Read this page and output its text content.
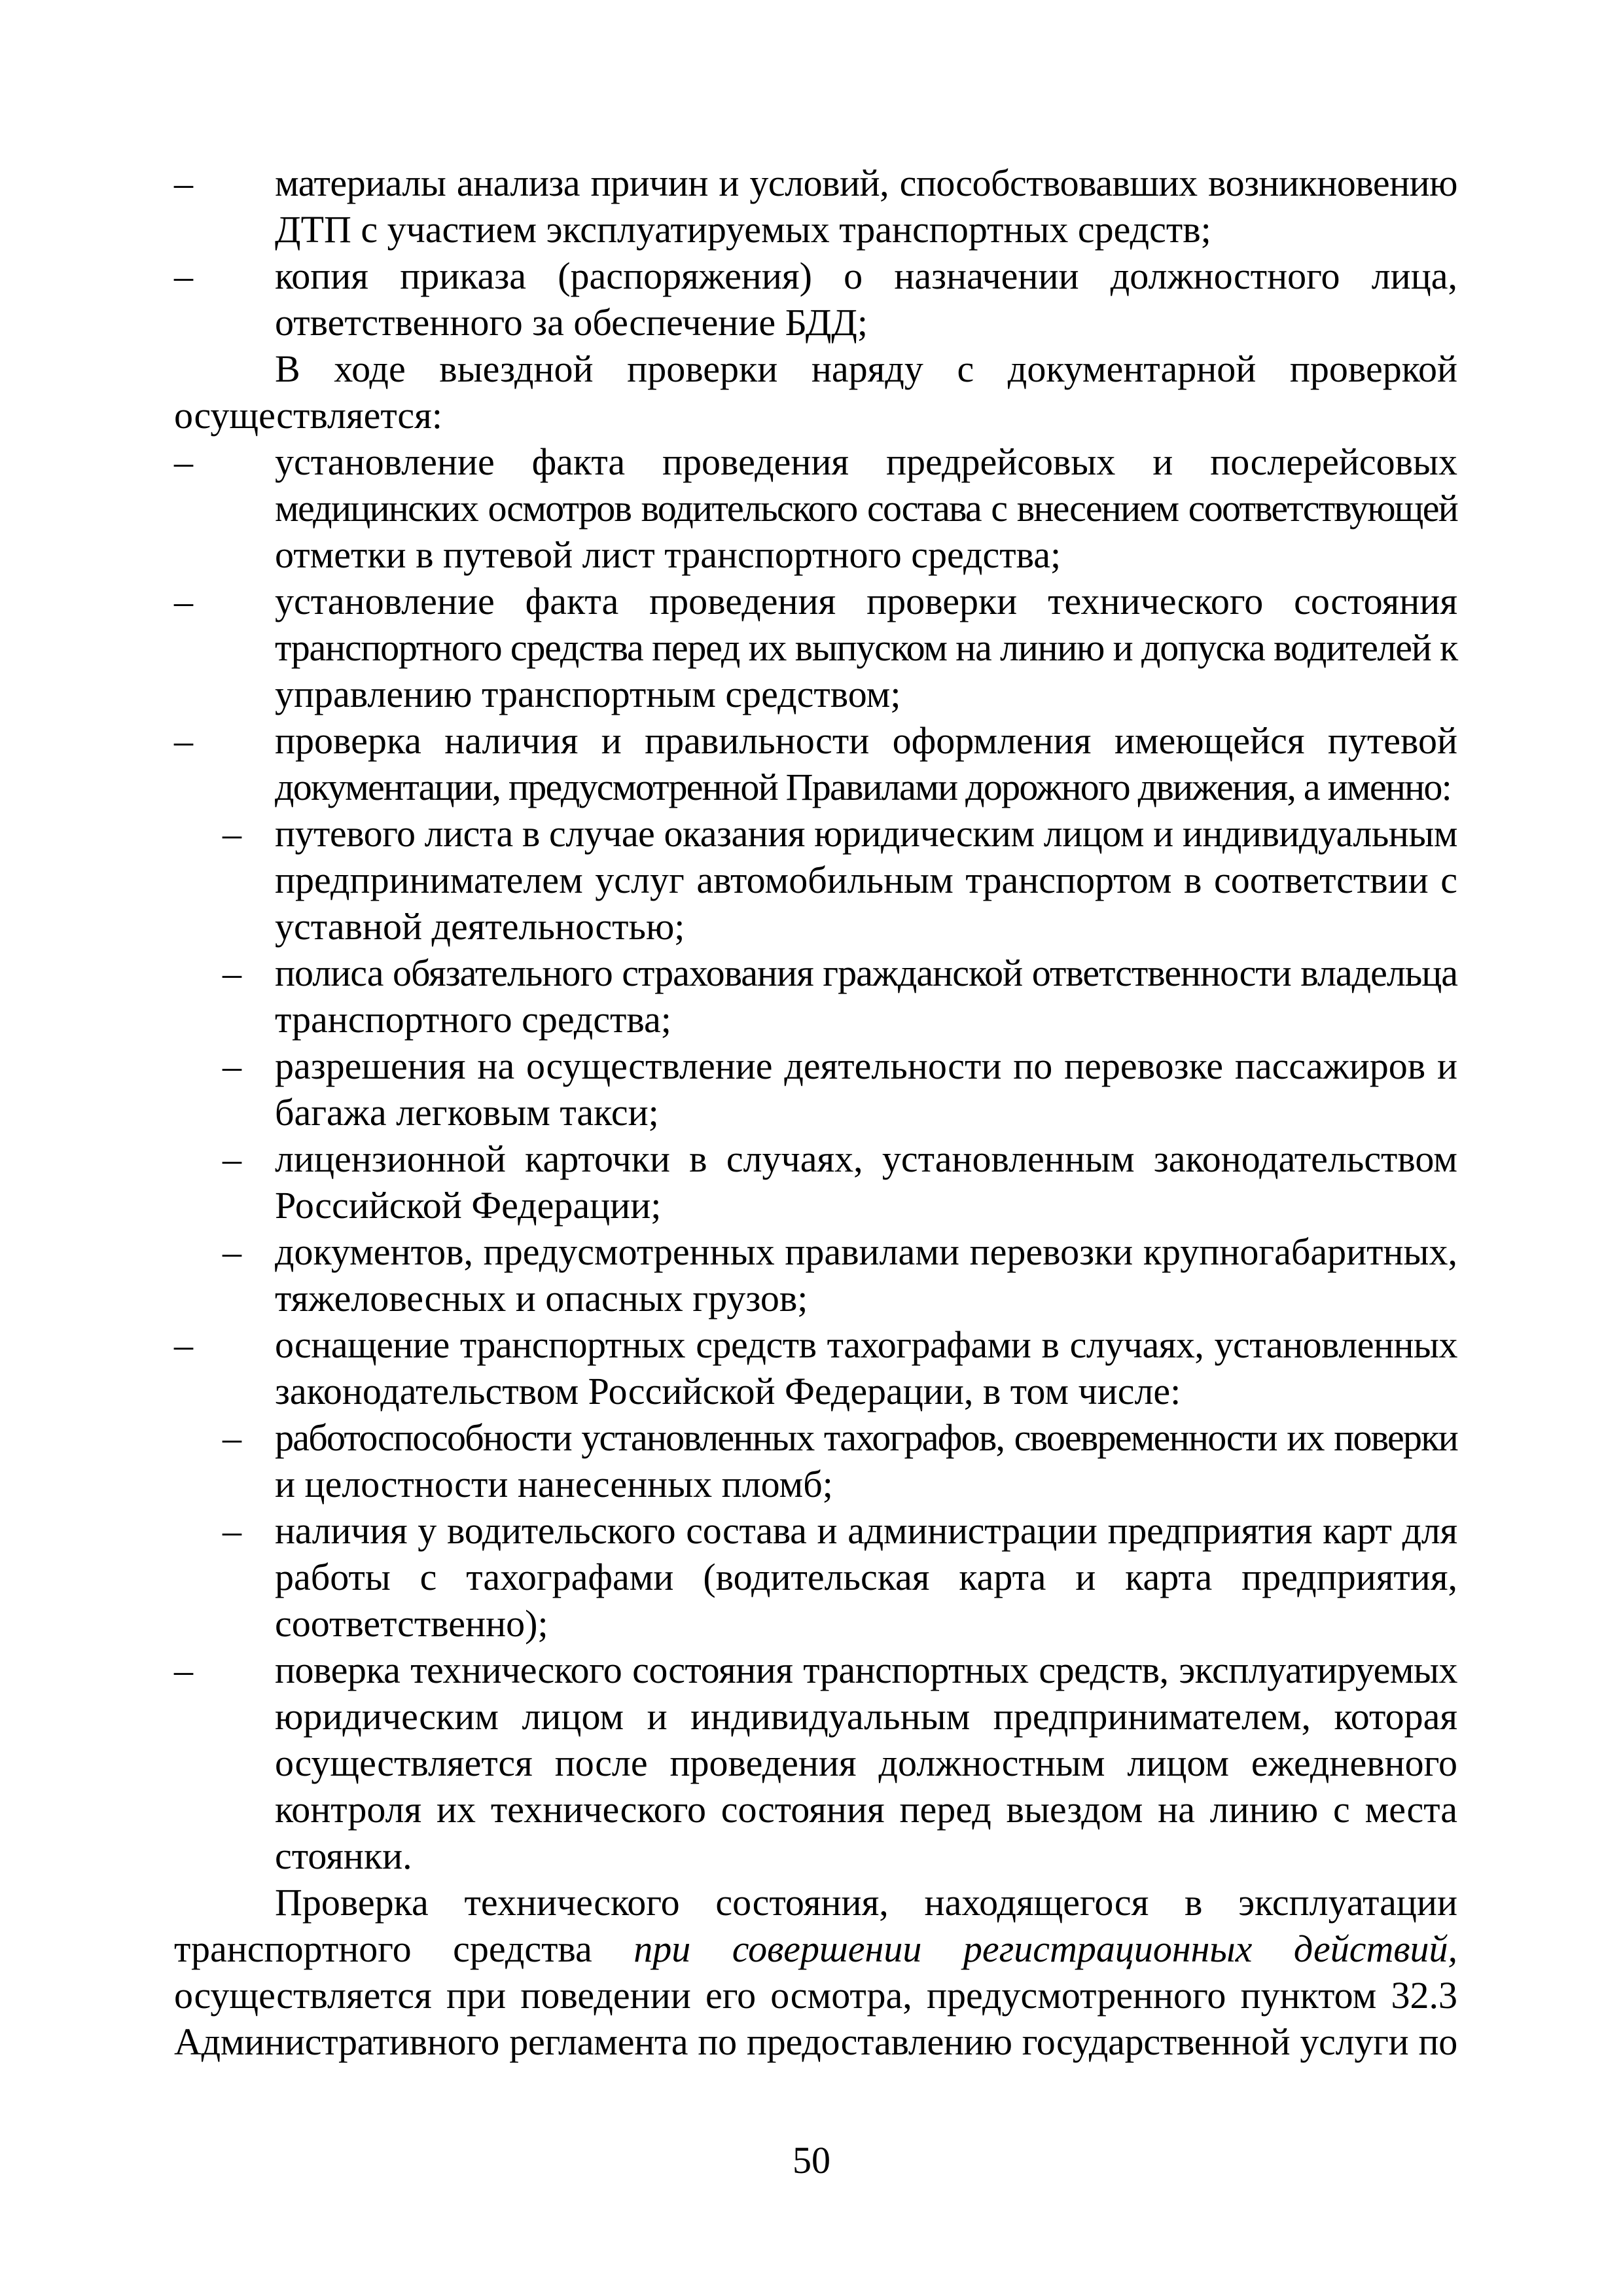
– материалы анализа причин и условий, способствовавших возникновению
ДТП с участием эксплуатируемых транспортных средств;
– копия приказа (распоряжения) о назначении должностного лица,
ответственного за обеспечение БДД;
В ходе выездной проверки наряду с документарной проверкой
осуществляется:
– установление факта проведения предрейсовых и послерейсовых
медицинских осмотров водительского состава с внесением соответствующей
отметки в путевой лист транспортного средства;
– установление факта проведения проверки технического состояния
транспортного средства перед их выпуском на линию и допуска водителей к
управлению транспортным средством;
– проверка наличия и правильности оформления имеющейся путевой
документации, предусмотренной Правилами дорожного движения, а именно:
– путевого листа в случае оказания юридическим лицом и индивидуальным
предпринимателем услуг автомобильным транспортом в соответствии с
уставной деятельностью;
– полиса обязательного страхования гражданской ответственности владельца
транспортного средства;
– разрешения на осуществление деятельности по перевозке пассажиров и
багажа легковым такси;
– лицензионной карточки в случаях, установленным законодательством
Российской Федерации;
– документов, предусмотренных правилами перевозки крупногабаритных,
тяжеловесных и опасных грузов;
– оснащение транспортных средств тахографами в случаях, установленных
законодательством Российской Федерации, в том числе:
– работоспособности установленных тахографов, своевременности их поверки
и целостности нанесенных пломб;
– наличия у водительского состава и администрации предприятия карт для
работы с тахографами (водительская карта и карта предприятия,
соответственно);
– поверка технического состояния транспортных средств, эксплуатируемых
юридическим лицом и индивидуальным предпринимателем, которая
осуществляется после проведения должностным лицом ежедневного
контроля их технического состояния перед выездом на линию с места
стоянки.
Проверка технического состояния, находящегося в эксплуатации
транспортного средства при совершении регистрационных действий,
осуществляется при поведении его осмотра, предусмотренного пунктом 32.3
Административного регламента по предоставлению государственной услуги по
50
